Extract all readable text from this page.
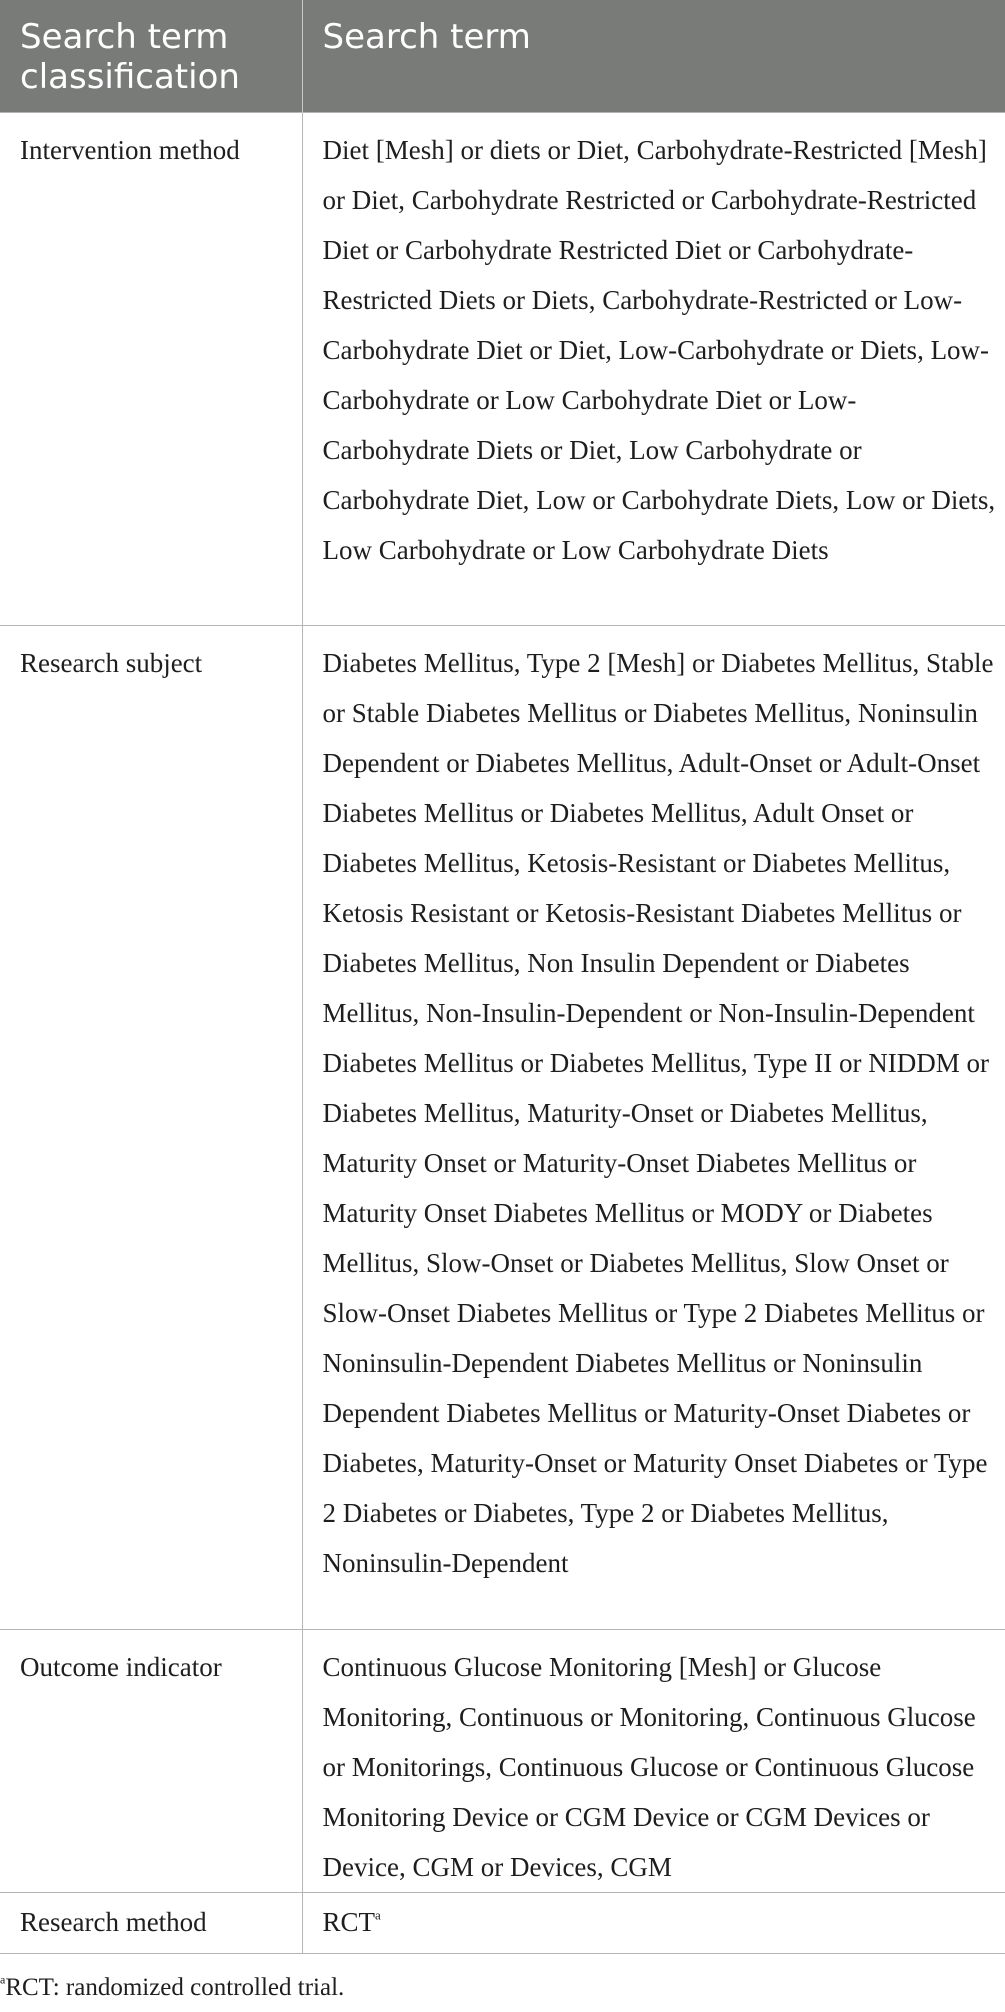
Search term classification	Search term
Intervention method	Diet [Mesh] or diets or Diet, Carbohydrate-Restricted [Mesh] or Diet, Carbohydrate Restricted or Carbohydrate-Restricted Diet or Carbohydrate Restricted Diet or Carbohydrate-Restricted Diets or Diets, Carbohydrate-Restricted or Low-Carbohydrate Diet or Diet, Low-Carbohydrate or Diets, Low-Carbohydrate or Low Carbohydrate Diet or Low-Carbohydrate Diets or Diet, Low Carbohydrate or Carbohydrate Diet, Low or Carbohydrate Diets, Low or Diets, Low Carbohydrate or Low Carbohydrate Diets
Research subject	Diabetes Mellitus, Type 2 [Mesh] or Diabetes Mellitus, Stable or Stable Diabetes Mellitus or Diabetes Mellitus, Noninsulin Dependent or Diabetes Mellitus, Adult-Onset or Adult-Onset Diabetes Mellitus or Diabetes Mellitus, Adult Onset or Diabetes Mellitus, Ketosis-Resistant or Diabetes Mellitus, Ketosis Resistant or Ketosis-Resistant Diabetes Mellitus or Diabetes Mellitus, Non Insulin Dependent or Diabetes Mellitus, Non-Insulin-Dependent or Non-Insulin-Dependent Diabetes Mellitus or Diabetes Mellitus, Type II or NIDDM or Diabetes Mellitus, Maturity-Onset or Diabetes Mellitus, Maturity Onset or Maturity-Onset Diabetes Mellitus or Maturity Onset Diabetes Mellitus or MODY or Diabetes Mellitus, Slow-Onset or Diabetes Mellitus, Slow Onset or Slow-Onset Diabetes Mellitus or Type 2 Diabetes Mellitus or Noninsulin-Dependent Diabetes Mellitus or Noninsulin Dependent Diabetes Mellitus or Maturity-Onset Diabetes or Diabetes, Maturity-Onset or Maturity Onset Diabetes or Type 2 Diabetes or Diabetes, Type 2 or Diabetes Mellitus, Noninsulin-Dependent
Outcome indicator	Continuous Glucose Monitoring [Mesh] or Glucose Monitoring, Continuous or Monitoring, Continuous Glucose or Monitorings, Continuous Glucose or Continuous Glucose Monitoring Device or CGM Device or CGM Devices or Device, CGM or Devices, CGM
Research method	RCT$^a$
$^a$RCT: randomized controlled trial.
